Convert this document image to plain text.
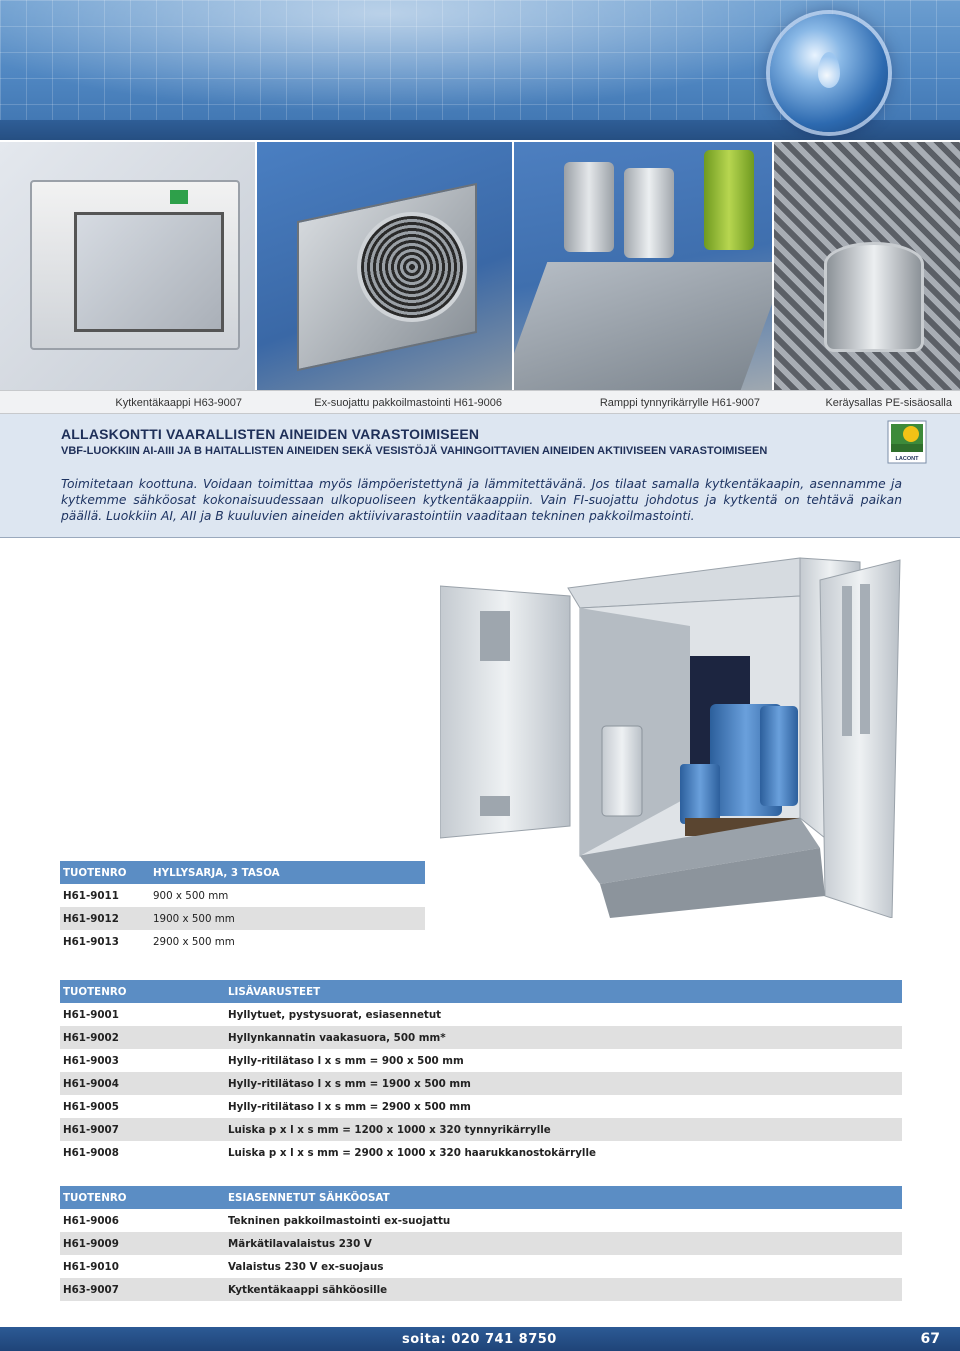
Kytkentäkaappi H63-9007	Ex-suojattu pakkoilmastointi H61-9006	Ramppi tynnyrikärrylle H61-9007	Keräysallas PE-sisäosalla
ALLASKONTTI VAARALLISTEN AINEIDEN VARASTOIMISEEN
VBF-LUOKKIIN AI-AIII JA B HAITALLISTEN AINEIDEN SEKÄ VESISTÖJÄ VAHINGOITTAVIEN AINEIDEN AKTIIVISEEN VARASTOIMISEEN
Toimitetaan koottuna. Voidaan toimittaa myös lämpöeristettynä ja lämmitettävänä. Jos tilaat samalla kytkentäkaapin, asennamme ja kytkemme sähköosat kokonaisuudessaan ulkopuoliseen kytkentäkaappiin. Vain FI-suojattu johdotus ja kytkentä on tehtävä paikan päällä. Luokkiin AI, AII ja B kuuluvien aineiden aktiivivarastointiin vaaditaan tekninen pakkoilmastointi.
LACONT
TUOTENRO	HYLLYSARJA, 3 TASOA
H61-9011	900 x 500 mm
H61-9012	1900 x 500 mm
H61-9013	2900 x 500 mm
TUOTENRO	LISÄVARUSTEET
H61-9001	Hyllytuet, pystysuorat, esiasennetut
H61-9002	Hyllynkannatin vaakasuora, 500 mm*
H61-9003	Hylly-ritilätaso l x s mm = 900 x 500 mm
H61-9004	Hylly-ritilätaso l x s mm = 1900 x 500 mm
H61-9005	Hylly-ritilätaso l x s mm = 2900 x 500 mm
H61-9007	Luiska p x l x s mm = 1200 x 1000 x 320 tynnyrikärrylle
H61-9008	Luiska p x l x s mm = 2900 x 1000 x 320 haarukkanostokärrylle
TUOTENRO	ESIASENNETUT SÄHKÖOSAT
H61-9006	Tekninen pakkoilmastointi ex-suojattu
H61-9009	Märkätilavalaistus 230 V
H61-9010	Valaistus 230 V ex-suojaus
H63-9007	Kytkentäkaappi sähköosille
soita: 020 741 8750	67
